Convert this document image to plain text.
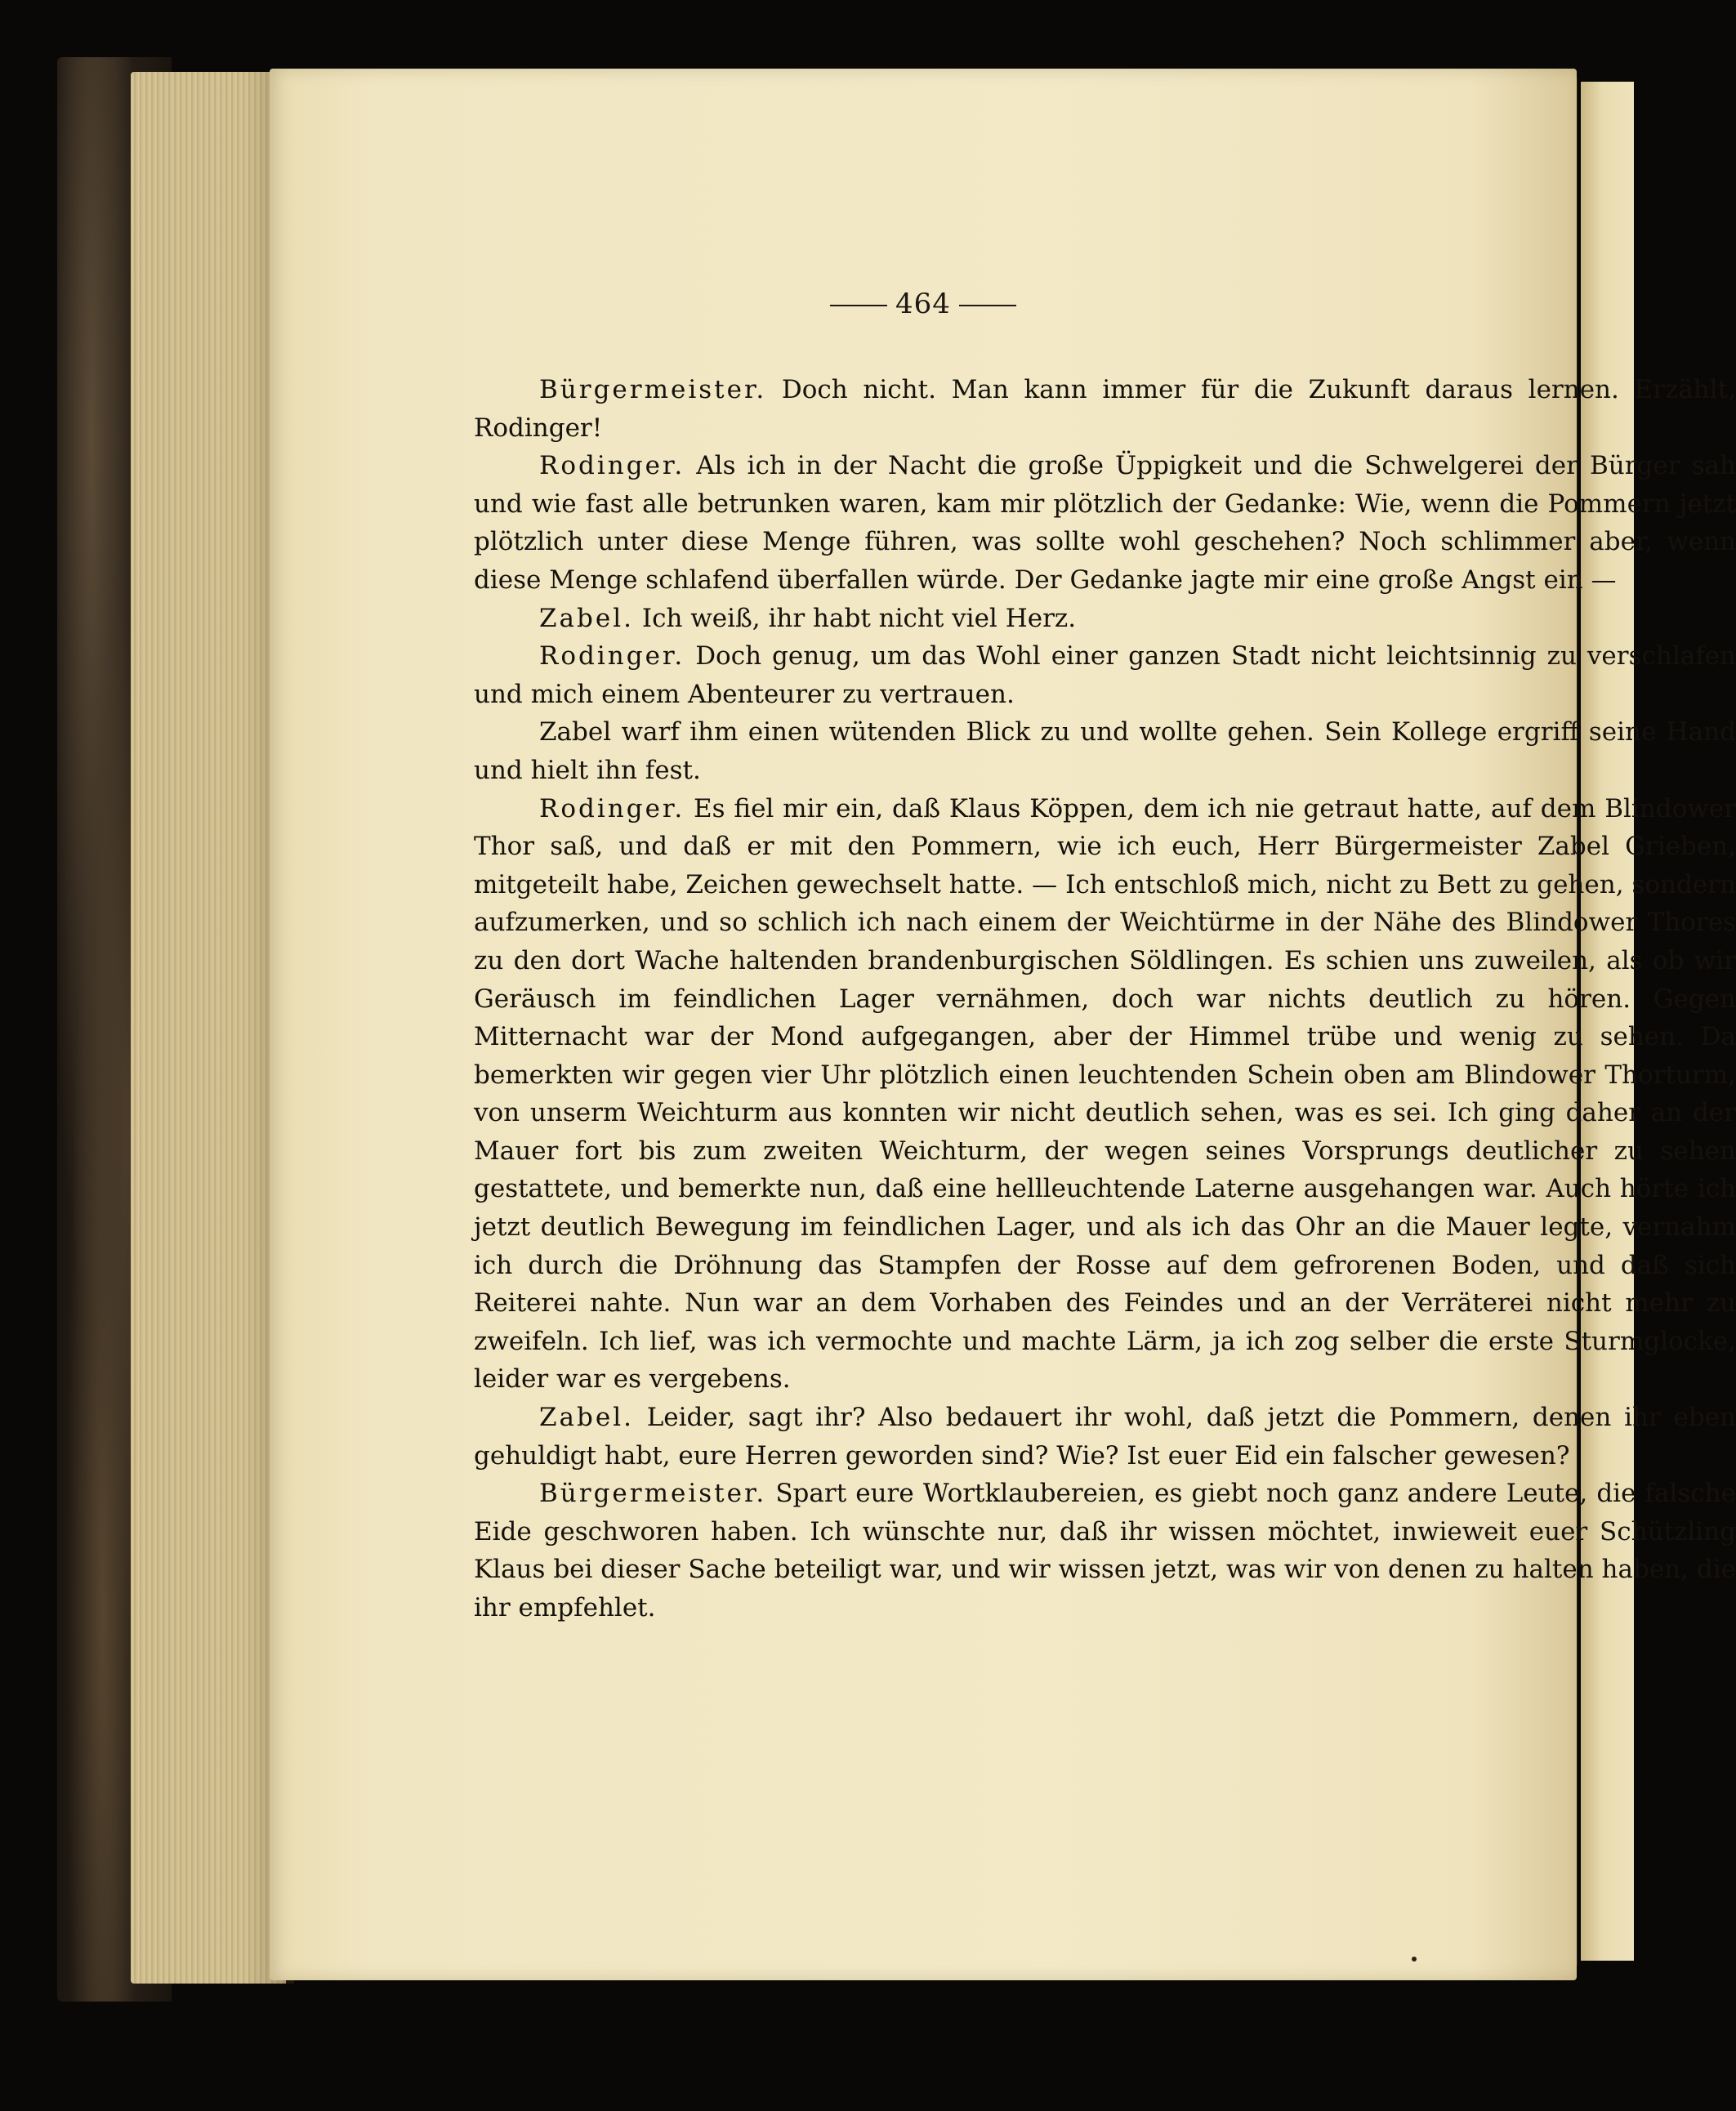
464

Bürgermeister. Doch nicht. Man kann immer für die Zukunft daraus lernen. Erzählt, Rodinger!

Rodinger. Als ich in der Nacht die große Üppigkeit und die Schwelgerei der Bürger sah und wie fast alle betrunken waren, kam mir plötzlich der Gedanke: Wie, wenn die Pommern jetzt plötzlich unter diese Menge führen, was sollte wohl geschehen? Noch schlimmer aber, wenn diese Menge schlafend überfallen würde. Der Gedanke jagte mir eine große Angst ein —

Zabel. Ich weiß, ihr habt nicht viel Herz.

Rodinger. Doch genug, um das Wohl einer ganzen Stadt nicht leichtsinnig zu verschlafen und mich einem Abenteurer zu vertrauen.

Zabel warf ihm einen wütenden Blick zu und wollte gehen. Sein Kollege ergriff seine Hand und hielt ihn fest.

Rodinger. Es fiel mir ein, daß Klaus Köppen, dem ich nie getraut hatte, auf dem Blindower Thor saß, und daß er mit den Pommern, wie ich euch, Herr Bürgermeister Zabel Grieben, mitgeteilt habe, Zeichen gewechselt hatte. — Ich entschloß mich, nicht zu Bett zu gehen, sondern aufzumerken, und so schlich ich nach einem der Weichtürme in der Nähe des Blindower Thores zu den dort Wache haltenden brandenburgischen Söldlingen. Es schien uns zuweilen, als ob wir Geräusch im feindlichen Lager vernähmen, doch war nichts deutlich zu hören. Gegen Mitternacht war der Mond aufgegangen, aber der Himmel trübe und wenig zu sehen. Da bemerkten wir gegen vier Uhr plötzlich einen leuchtenden Schein oben am Blindower Thorturm, von unserm Weichturm aus konnten wir nicht deutlich sehen, was es sei. Ich ging daher an der Mauer fort bis zum zweiten Weichturm, der wegen seines Vorsprungs deutlicher zu sehen gestattete, und bemerkte nun, daß eine hellleuchtende Laterne ausgehangen war. Auch hörte ich jetzt deutlich Bewegung im feindlichen Lager, und als ich das Ohr an die Mauer legte, vernahm ich durch die Dröhnung das Stampfen der Rosse auf dem gefrorenen Boden, und daß sich Reiterei nahte. Nun war an dem Vorhaben des Feindes und an der Verräterei nicht mehr zu zweifeln. Ich lief, was ich vermochte und machte Lärm, ja ich zog selber die erste Sturmglocke, leider war es vergebens.

Zabel. Leider, sagt ihr? Also bedauert ihr wohl, daß jetzt die Pommern, denen ihr eben gehuldigt habt, eure Herren geworden sind? Wie? Ist euer Eid ein falscher gewesen?

Bürgermeister. Spart eure Wortklaubereien, es giebt noch ganz andere Leute, die falsche Eide geschworen haben. Ich wünschte nur, daß ihr wissen möchtet, inwieweit euer Schützling Klaus bei dieser Sache beteiligt war, und wir wissen jetzt, was wir von denen zu halten haben, die ihr empfehlet.
